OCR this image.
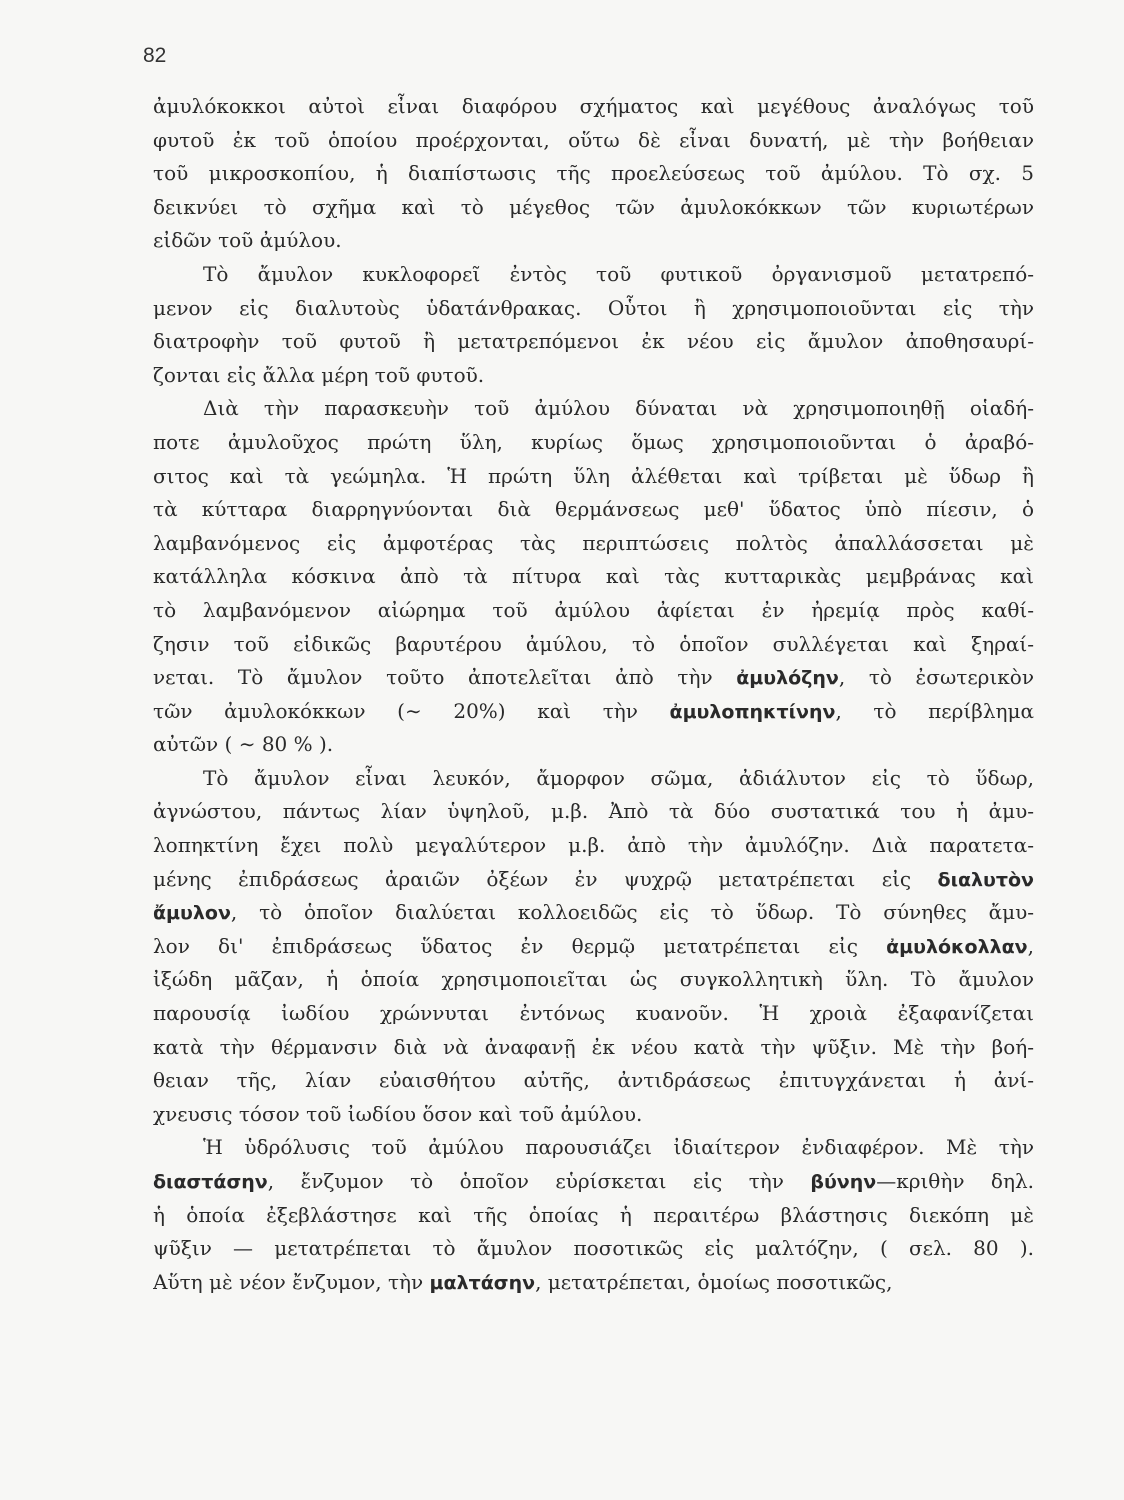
82
ἀμυλόκοκκοι αὐτοὶ εἶναι διαφόρου σχήματος καὶ μεγέθους ἀναλόγως τοῦ
φυτοῦ ἐκ τοῦ ὁποίου προέρχονται, οὕτω δὲ εἶναι δυνατή, μὲ τὴν βοήθειαν
τοῦ μικροσκοπίου, ἡ διαπίστωσις τῆς προελεύσεως τοῦ ἀμύλου. Τὸ σχ. 5
δεικνύει τὸ σχῆμα καὶ τὸ μέγεθος τῶν ἀμυλοκόκκων τῶν κυριωτέρων
εἰδῶν τοῦ ἀμύλου.
Τὸ ἄμυλον κυκλοφορεῖ ἐντὸς τοῦ φυτικοῦ ὀργανισμοῦ μετατρεπό-
μενον εἰς διαλυτοὺς ὑδατάνθρακας. Οὗτοι ἢ χρησιμοποιοῦνται εἰς τὴν
διατροφὴν τοῦ φυτοῦ ἢ μετατρεπόμενοι ἐκ νέου εἰς ἄμυλον ἀποθησαυρί-
ζονται εἰς ἄλλα μέρη τοῦ φυτοῦ.
Διὰ τὴν παρασκευὴν τοῦ ἀμύλου δύναται νὰ χρησιμοποιηθῇ οἱαδή-
ποτε ἀμυλοῦχος πρώτη ὕλη, κυρίως ὅμως χρησιμοποιοῦνται ὁ ἀραβό-
σιτος καὶ τὰ γεώμηλα. Ἡ πρώτη ὕλη ἀλέθεται καὶ τρίβεται μὲ ὕδωρ ἢ
τὰ κύτταρα διαρρηγνύονται διὰ θερμάνσεως μεθ' ὕδατος ὑπὸ πίεσιν, ὁ
λαμβανόμενος εἰς ἀμφοτέρας τὰς περιπτώσεις πολτὸς ἀπαλλάσσεται μὲ
κατάλληλα κόσκινα ἀπὸ τὰ πίτυρα καὶ τὰς κυτταρικὰς μεμβράνας καὶ
τὸ λαμβανόμενον αἰώρημα τοῦ ἀμύλου ἀφίεται ἐν ἠρεμίᾳ πρὸς καθί-
ζησιν τοῦ εἰδικῶς βαρυτέρου ἀμύλου, τὸ ὁποῖον συλλέγεται καὶ ξηραί-
νεται. Τὸ ἄμυλον τοῦτο ἀποτελεῖται ἀπὸ τὴν ἀμυλόζην, τὸ ἐσωτερικὸν
τῶν ἀμυλοκόκκων (∼ 20%) καὶ τὴν ἀμυλοπηκτίνην, τὸ περίβλημα
αὐτῶν ( ∼ 80 % ).
Τὸ ἄμυλον εἶναι λευκόν, ἄμορφον σῶμα, ἀδιάλυτον εἰς τὸ ὕδωρ,
ἀγνώστου, πάντως λίαν ὑψηλοῦ, μ.β. Ἀπὸ τὰ δύο συστατικά του ἡ ἀμυ-
λοπηκτίνη ἔχει πολὺ μεγαλύτερον μ.β. ἀπὸ τὴν ἀμυλόζην. Διὰ παρατετα-
μένης ἐπιδράσεως ἀραιῶν ὀξέων ἐν ψυχρῷ μετατρέπεται εἰς διαλυτὸν
ἄμυλον, τὸ ὁποῖον διαλύεται κολλοειδῶς εἰς τὸ ὕδωρ. Τὸ σύνηθες ἄμυ-
λον δι' ἐπιδράσεως ὕδατος ἐν θερμῷ μετατρέπεται εἰς ἀμυλόκολλαν,
ἰξώδη μᾶζαν, ἡ ὁποία χρησιμοποιεῖται ὡς συγκολλητικὴ ὕλη. Τὸ ἄμυλον
παρουσίᾳ ἰωδίου χρώννυται ἐντόνως κυανοῦν. Ἡ χροιὰ ἐξαφανίζεται
κατὰ τὴν θέρμανσιν διὰ νὰ ἀναφανῇ ἐκ νέου κατὰ τὴν ψῦξιν. Μὲ τὴν βοή-
θειαν τῆς, λίαν εὐαισθήτου αὐτῆς, ἀντιδράσεως ἐπιτυγχάνεται ἡ ἀνί-
χνευσις τόσον τοῦ ἰωδίου ὅσον καὶ τοῦ ἀμύλου.
Ἡ ὑδρόλυσις τοῦ ἀμύλου παρουσιάζει ἰδιαίτερον ἐνδιαφέρον. Μὲ τὴν
διαστάσην, ἔνζυμον τὸ ὁποῖον εὑρίσκεται εἰς τὴν βύνην—κριθὴν δηλ.
ἡ ὁποία ἐξεβλάστησε καὶ τῆς ὁποίας ἡ περαιτέρω βλάστησις διεκόπη μὲ
ψῦξιν — μετατρέπεται τὸ ἄμυλον ποσοτικῶς εἰς μαλτόζην, ( σελ. 80 ).
Αὕτη μὲ νέον ἔνζυμον, τὴν μαλτάσην, μετατρέπεται, ὁμοίως ποσοτικῶς,
